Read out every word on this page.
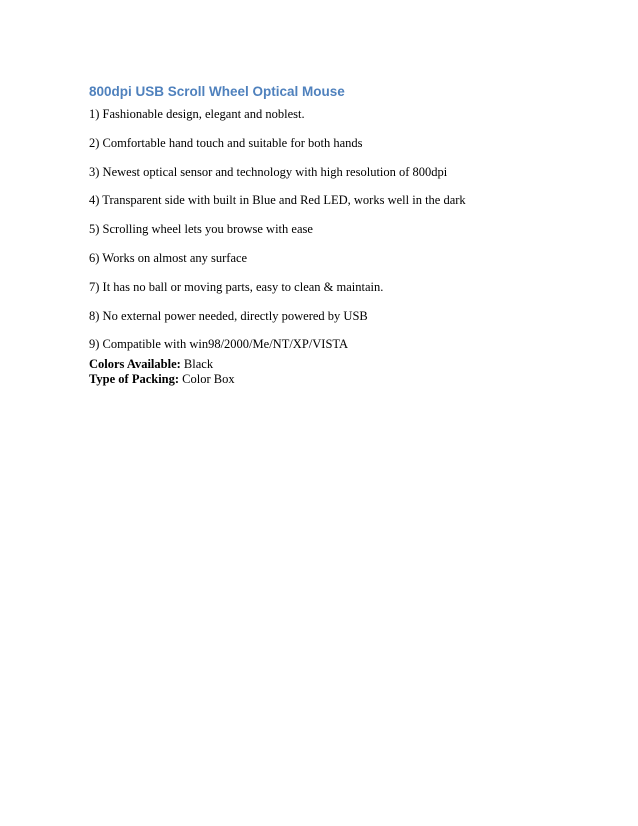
800dpi USB Scroll Wheel Optical Mouse
1) Fashionable design, elegant and noblest.
2) Comfortable hand touch and suitable for both hands
3) Newest optical sensor and technology with high resolution of 800dpi
4) Transparent side with built in Blue and Red LED, works well in the dark
5) Scrolling wheel lets you browse with ease
6) Works on almost any surface
7) It has no ball or moving parts, easy to clean & maintain.
8) No external power needed, directly powered by USB
9) Compatible with win98/2000/Me/NT/XP/VISTA

Colors Available: Black

Type of Packing: Color Box
